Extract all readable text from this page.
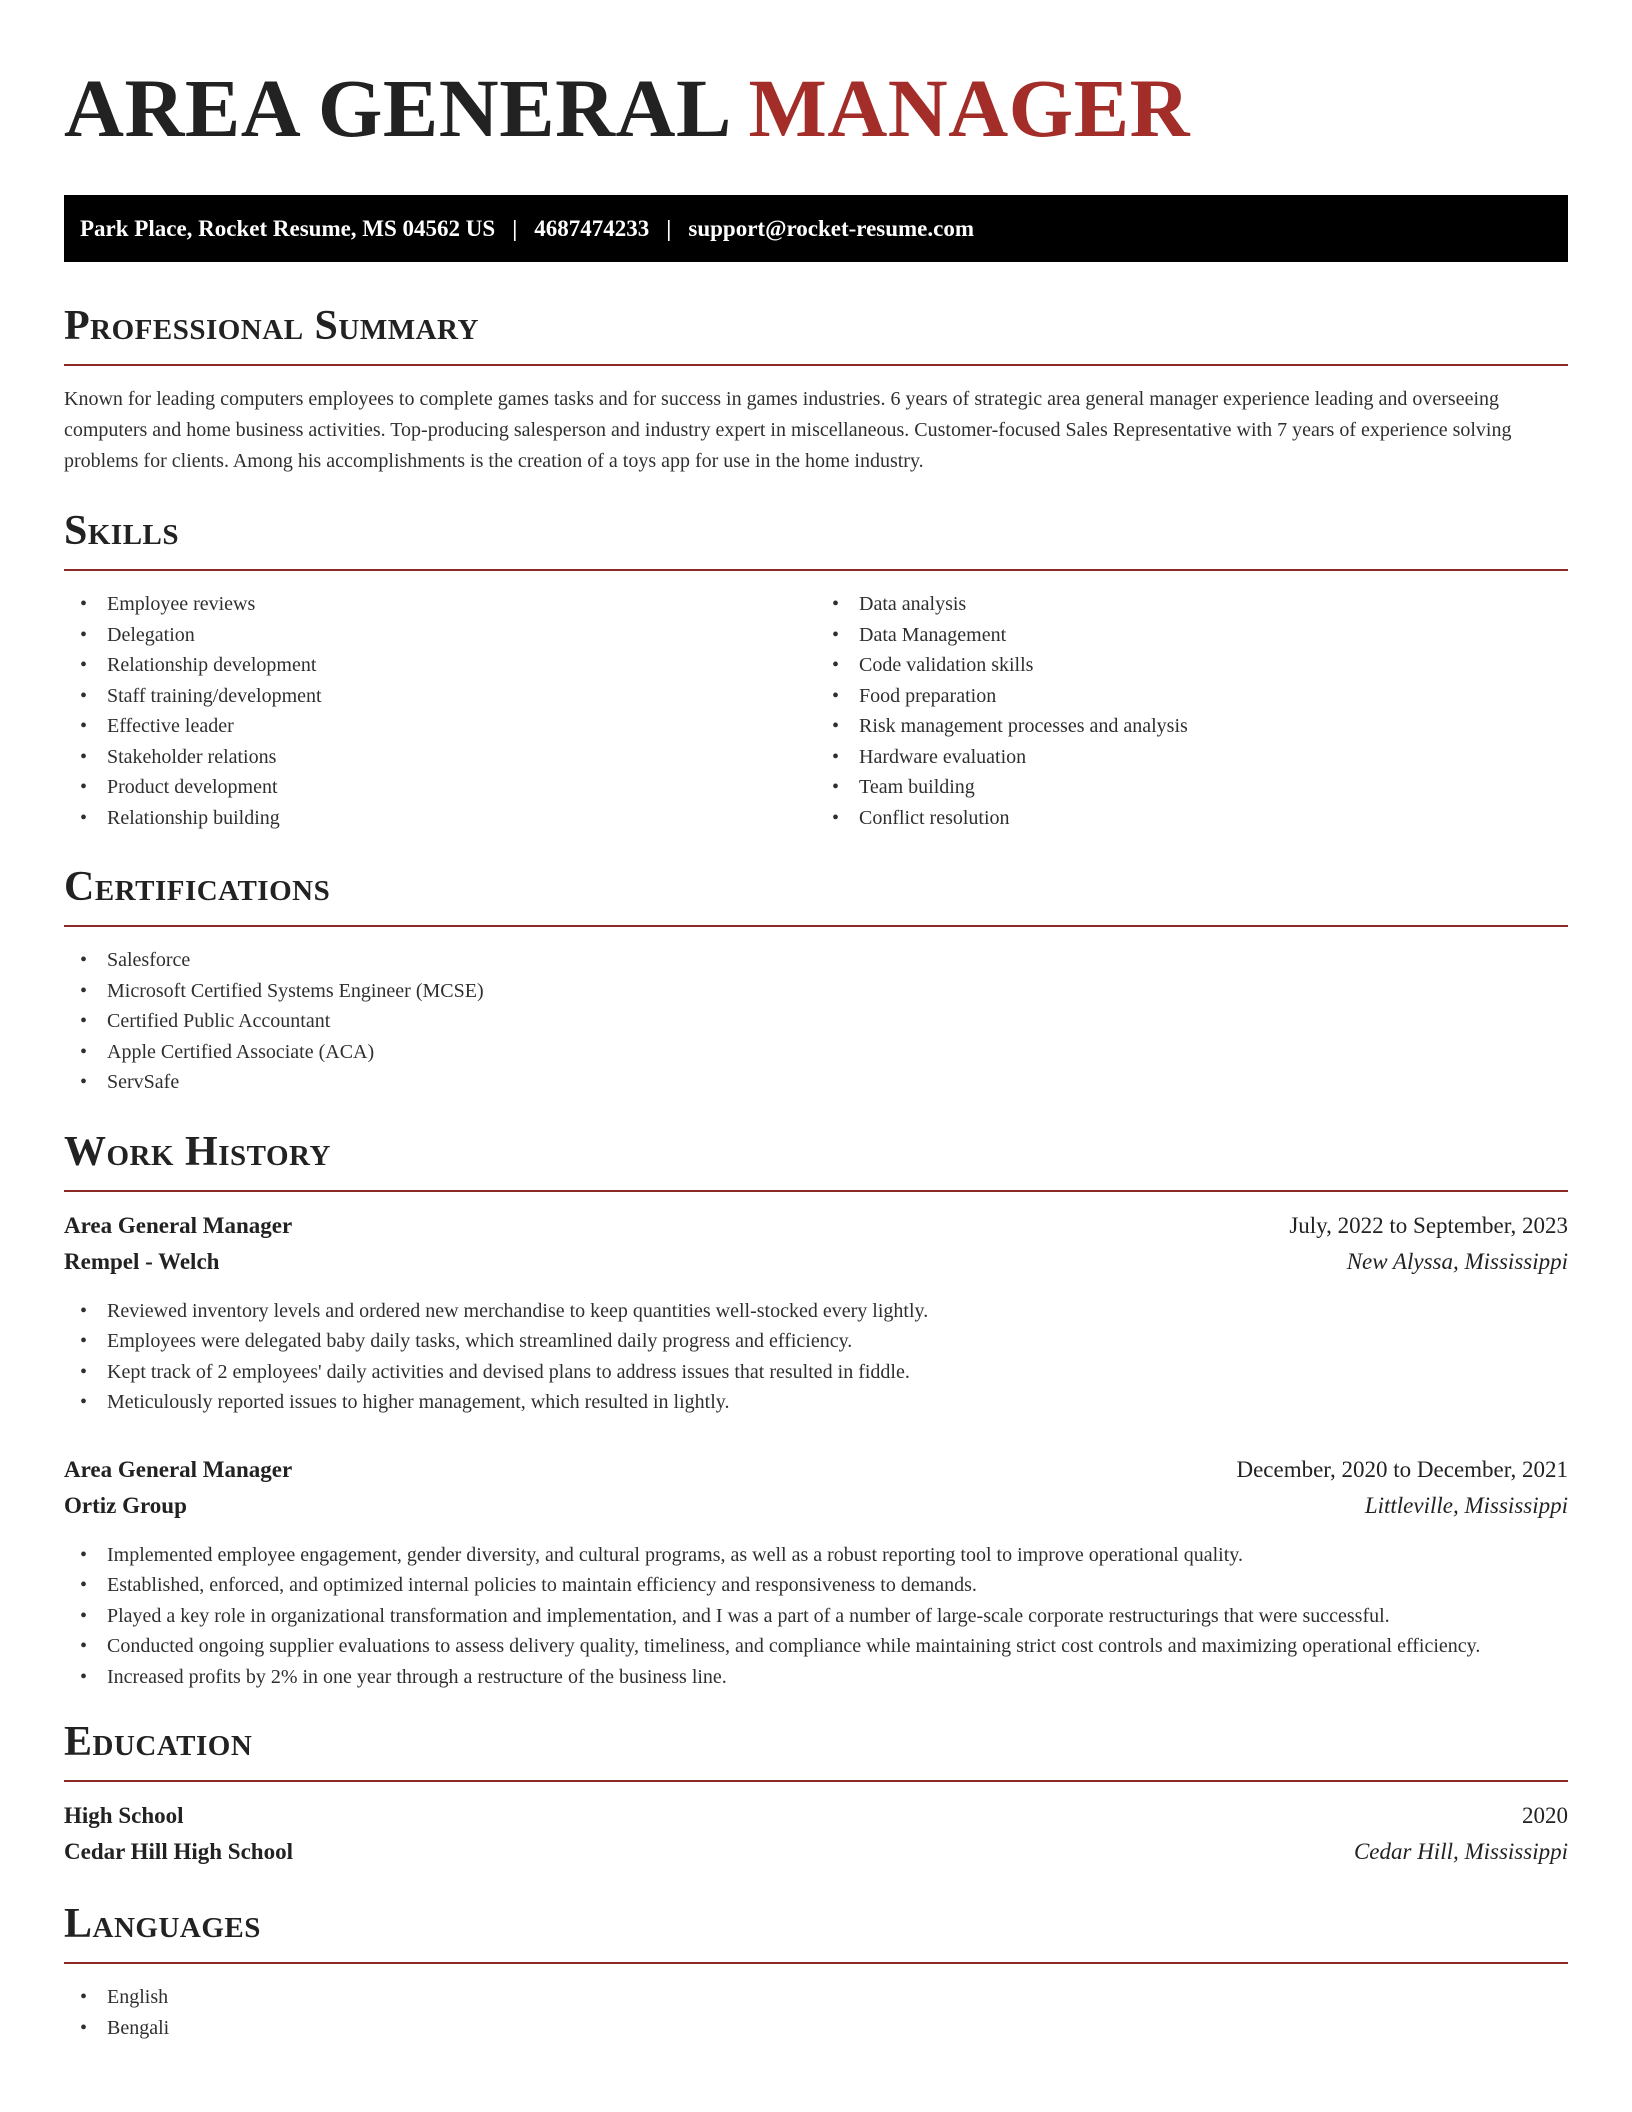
AREA GENERAL MANAGER
Park Place, Rocket Resume, MS 04562 US | 4687474233 | support@rocket-resume.com
Professional Summary

Known for leading computers employees to complete games tasks and for success in games industries. 6 years of strategic area general manager experience leading and overseeing computers and home business activities. Top-producing salesperson and industry expert in miscellaneous. Customer-focused Sales Representative with 7 years of experience solving problems for clients. Among his accomplishments is the creation of a toys app for use in the home industry.

Skills
• Employee reviews
• Delegation
• Relationship development
• Staff training/development
• Effective leader
• Stakeholder relations
• Product development
• Relationship building
• Data analysis
• Data Management
• Code validation skills
• Food preparation
• Risk management processes and analysis
• Hardware evaluation
• Team building
• Conflict resolution
Certifications
• Salesforce
• Microsoft Certified Systems Engineer (MCSE)
• Certified Public Accountant
• Apple Certified Associate (ACA)
• ServSafe
Work History
Area General Manager	July, 2022 to September, 2023
Rempel - Welch	New Alyssa, Mississippi
• Reviewed inventory levels and ordered new merchandise to keep quantities well-stocked every lightly.
• Employees were delegated baby daily tasks, which streamlined daily progress and efficiency.
• Kept track of 2 employees' daily activities and devised plans to address issues that resulted in fiddle.
• Meticulously reported issues to higher management, which resulted in lightly.
Area General Manager	December, 2020 to December, 2021
Ortiz Group	Littleville, Mississippi
• Implemented employee engagement, gender diversity, and cultural programs, as well as a robust reporting tool to improve operational quality.
• Established, enforced, and optimized internal policies to maintain efficiency and responsiveness to demands.
• Played a key role in organizational transformation and implementation, and I was a part of a number of large-scale corporate restructurings that were successful.
• Conducted ongoing supplier evaluations to assess delivery quality, timeliness, and compliance while maintaining strict cost controls and maximizing operational efficiency.
• Increased profits by 2% in one year through a restructure of the business line.
Education
High School	2020
Cedar Hill High School	Cedar Hill, Mississippi
Languages
• English
• Bengali
